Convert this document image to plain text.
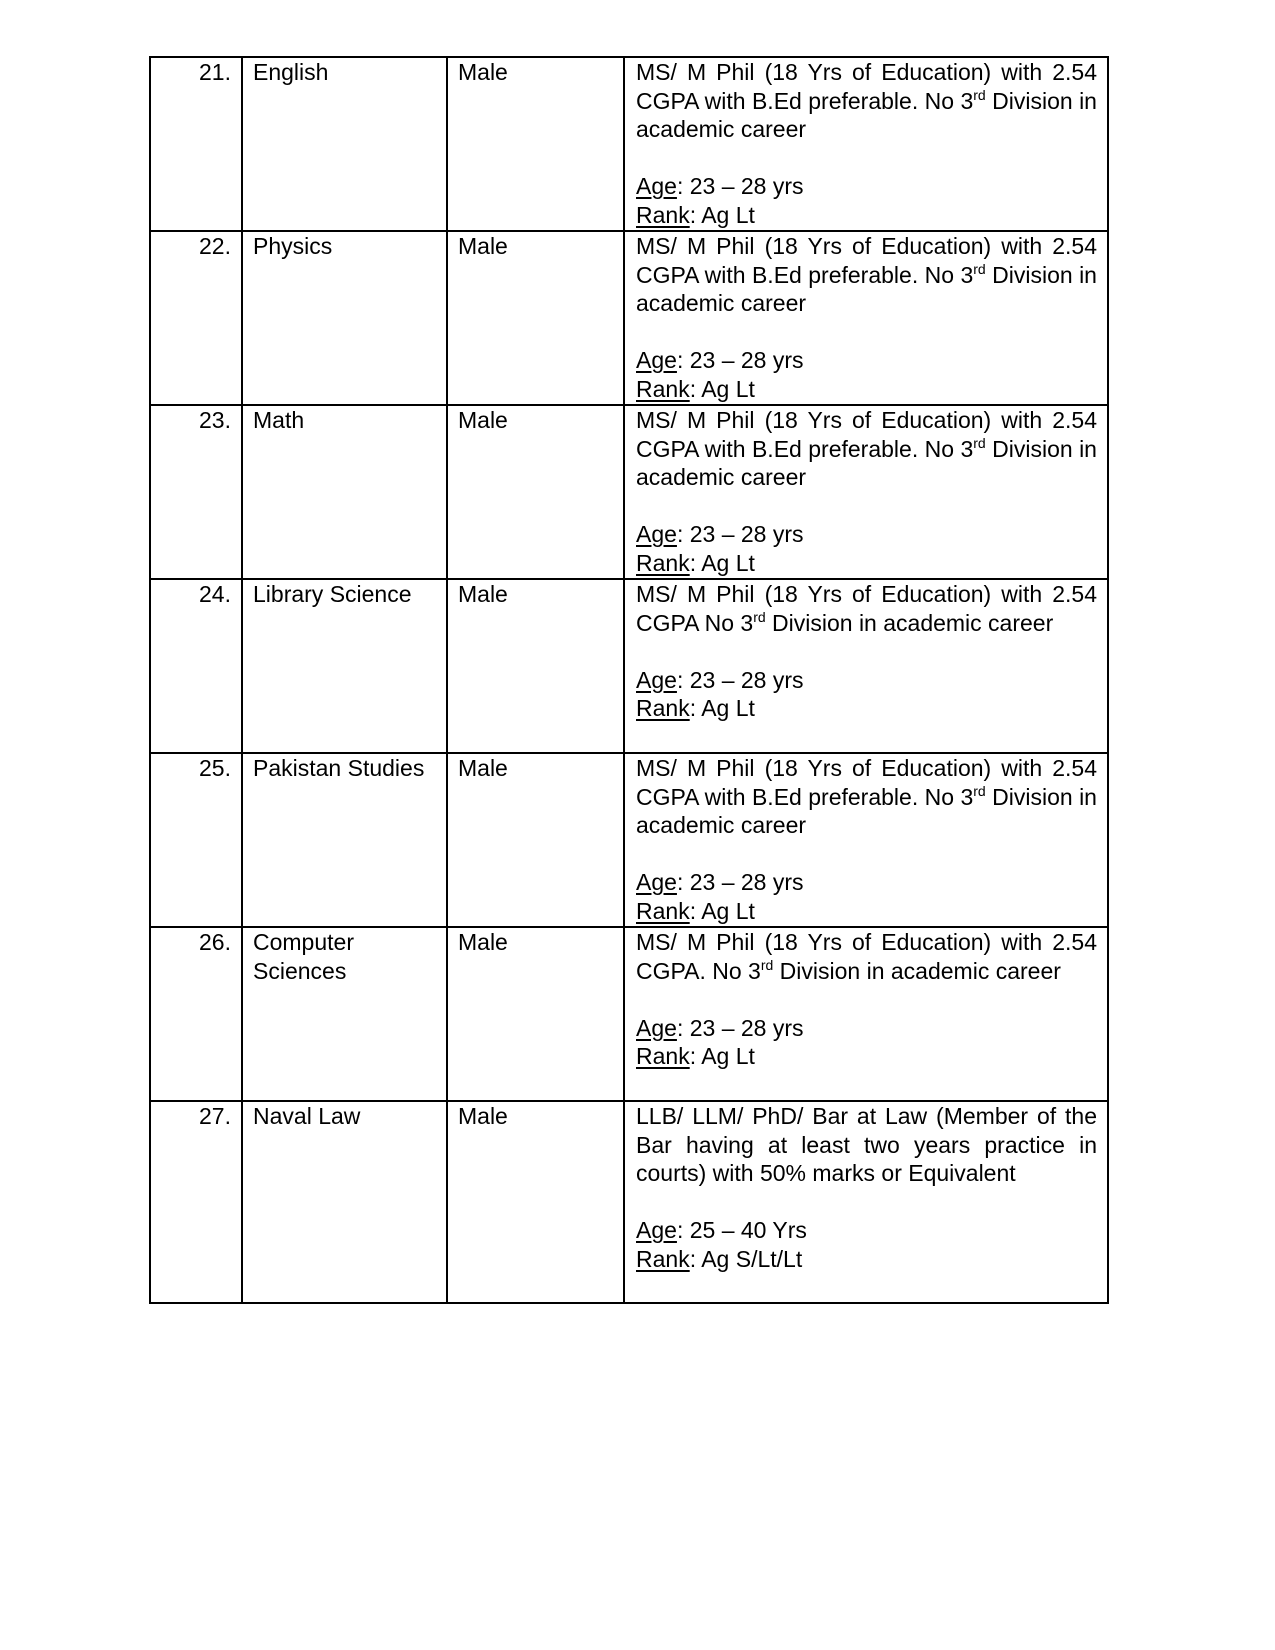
21.	English	Male	MS/ M Phil (18 Yrs of Education) with 2.54 CGPA with B.Ed preferable. No 3rd Division in academic career
Age: 23 – 28 yrs
Rank: Ag Lt

22.	Physics	Male	MS/ M Phil (18 Yrs of Education) with 2.54 CGPA with B.Ed preferable. No 3rd Division in academic career
Age: 23 – 28 yrs
Rank: Ag Lt

23.	Math	Male	MS/ M Phil (18 Yrs of Education) with 2.54 CGPA with B.Ed preferable. No 3rd Division in academic career
Age: 23 – 28 yrs
Rank: Ag Lt

24.	Library Science	Male	MS/ M Phil (18 Yrs of Education) with 2.54 CGPA No 3rd Division in academic career
Age: 23 – 28 yrs
Rank: Ag Lt

25.	Pakistan Studies	Male	MS/ M Phil (18 Yrs of Education) with 2.54 CGPA with B.Ed preferable. No 3rd Division in academic career
Age: 23 – 28 yrs
Rank: Ag Lt

26.	Computer Sciences	Male	MS/ M Phil (18 Yrs of Education) with 2.54 CGPA. No 3rd Division in academic career
Age: 23 – 28 yrs
Rank: Ag Lt

27.	Naval Law	Male	LLB/ LLM/ PhD/ Bar at Law (Member of the Bar having at least two years practice in courts) with 50% marks or Equivalent
Age: 25 – 40 Yrs
Rank: Ag S/Lt/Lt
